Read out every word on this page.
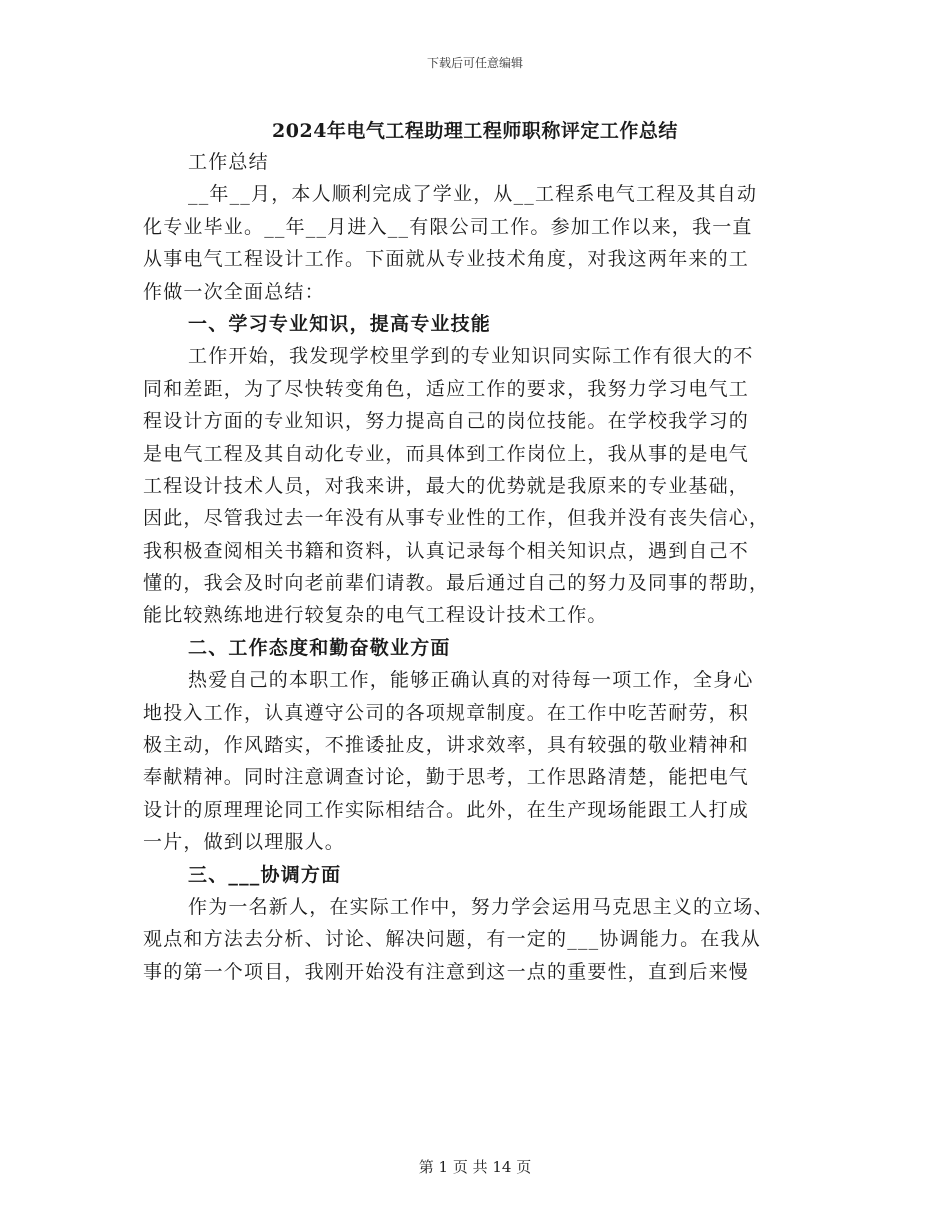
下载后可任意编辑
2024年电气工程助理工程师职称评定工作总结
工作总结
__年__月，本人顺利完成了学业，从__工程系电气工程及其自动
化专业毕业。__年__月进入__有限公司工作。参加工作以来，我一直
从事电气工程设计工作。下面就从专业技术角度，对我这两年来的工
作做一次全面总结：
一、学习专业知识，提高专业技能
工作开始，我发现学校里学到的专业知识同实际工作有很大的不
同和差距，为了尽快转变角色，适应工作的要求，我努力学习电气工
程设计方面的专业知识，努力提高自己的岗位技能。在学校我学习的
是电气工程及其自动化专业，而具体到工作岗位上，我从事的是电气
工程设计技术人员，对我来讲，最大的优势就是我原来的专业基础，
因此，尽管我过去一年没有从事专业性的工作，但我并没有丧失信心，
我积极查阅相关书籍和资料，认真记录每个相关知识点，遇到自己不
懂的，我会及时向老前辈们请教。最后通过自己的努力及同事的帮助，
能比较熟练地进行较复杂的电气工程设计技术工作。
二、工作态度和勤奋敬业方面
热爱自己的本职工作，能够正确认真的对待每一项工作，全身心
地投入工作，认真遵守公司的各项规章制度。在工作中吃苦耐劳，积
极主动，作风踏实，不推诿扯皮，讲求效率，具有较强的敬业精神和
奉献精神。同时注意调查讨论，勤于思考，工作思路清楚，能把电气
设计的原理理论同工作实际相结合。此外，在生产现场能跟工人打成
一片，做到以理服人。
三、___协调方面
作为一名新人，在实际工作中，努力学会运用马克思主义的立场、
观点和方法去分析、讨论、解决问题，有一定的___协调能力。在我从
事的第一个项目，我刚开始没有注意到这一点的重要性，直到后来慢
第 1 页 共 14 页
